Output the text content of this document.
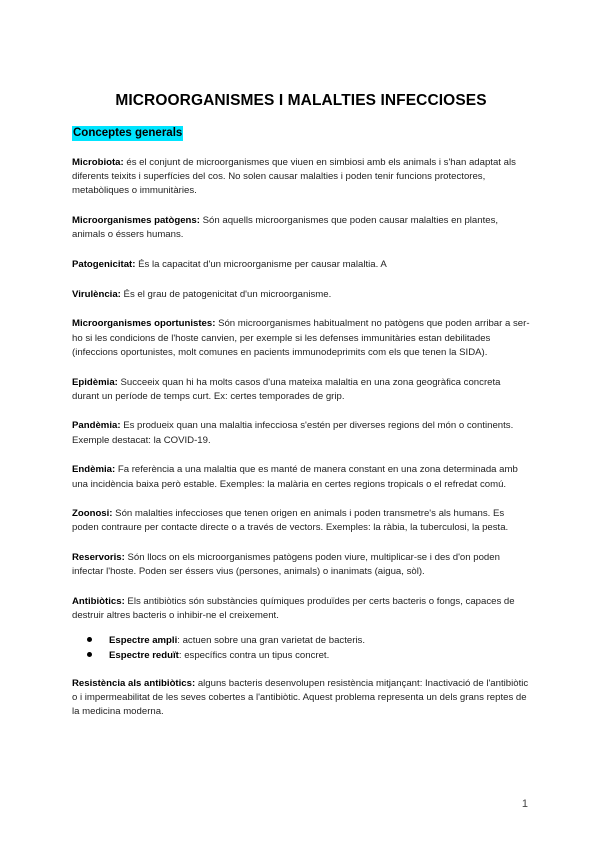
MICROORGANISMES I MALALTIES INFECCIOSES
Conceptes generals

Microbiota: és el conjunt de microorganismes que viuen en simbiosi amb els animals i s'han adaptat als diferents teixits i superfícies del cos. No solen causar malalties i poden tenir funcions protectores, metabòliques o immunitàries.

Microorganismes patògens: Són aquells microorganismes que poden causar malalties en plantes, animals o éssers humans.

Patogenicitat: És la capacitat d'un microorganisme per causar malaltia. A

Virulència: És el grau de patogenicitat d'un microorganisme.

Microorganismes oportunistes: Són microorganismes habitualment no patògens que poden arribar a ser-ho si les condicions de l'hoste canvien, per exemple si les defenses immunitàries estan debilitades (infeccions oportunistes, molt comunes en pacients immunodeprimits com els que tenen la SIDA).

Epidèmia: Succeeix quan hi ha molts casos d'una mateixa malaltia en una zona geogràfica concreta durant un període de temps curt. Ex: certes temporades de grip.

Pandèmia: Es produeix quan una malaltia infecciosa s'estén per diverses regions del món o continents. Exemple destacat: la COVID-19.

Endèmia: Fa referència a una malaltia que es manté de manera constant en una zona determinada amb una incidència baixa però estable. Exemples: la malària en certes regions tropicals o el refredat comú.

Zoonosi: Són malalties infeccioses que tenen origen en animals i poden transmetre's als humans. Es poden contraure per contacte directe o a través de vectors. Exemples: la ràbia, la tuberculosi, la pesta.

Reservoris: Són llocs on els microorganismes patògens poden viure, multiplicar-se i des d'on poden infectar l'hoste. Poden ser éssers vius (persones, animals) o inanimats (aigua, sòl).

Antibiòtics: Els antibiòtics són substàncies químiques produïdes per certs bacteris o fongs, capaces de destruir altres bacteris o inhibir-ne el creixement.

Espectre ampli: actuen sobre una gran varietat de bacteris.
Espectre reduït: específics contra un tipus concret.

Resistència als antibiòtics: alguns bacteris desenvolupen resistència mitjançant: Inactivació de l'antibiòtic o i impermeabilitat de les seves cobertes a l'antibiòtic. Aquest problema representa un dels grans reptes de la medicina moderna.

1
